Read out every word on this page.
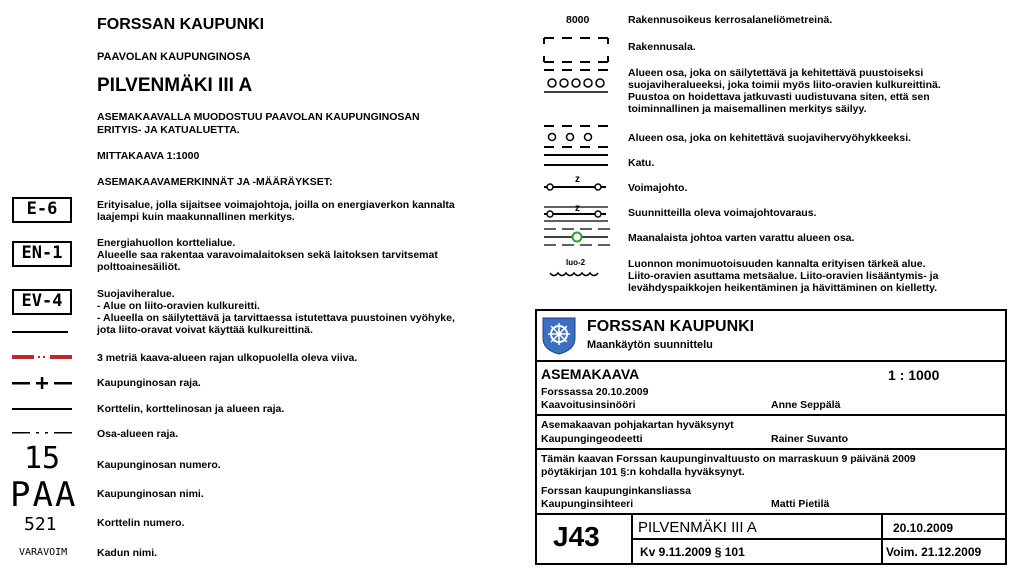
FORSSAN KAUPUNKI
PAAVOLAN KAUPUNGINOSA
PILVENMÄKI III A
ASEMAKAAVALLA MUODOSTUU PAAVOLAN KAUPUNGINOSAN
ERITYIS- JA KATUALUETTA.
MITTAKAAVA 1:1000
ASEMAKAAVAMERKINNÄT JA -MÄÄRÄYKSET:
E-6	Erityisalue, jolla sijaitsee voimajohtoja, joilla on energiaverkon kannalta
laajempi kuin maakunnallinen merkitys.
EN-1	Energiahuollon korttelialue.
Alueelle saa rakentaa varavoimalaitoksen sekä laitoksen tarvitsemat
polttoainesäiliöt.
EV-4	Suojaviheralue.
- Alue on liito-oravien kulkureitti.
- Alueella on säilytettävä ja tarvittaessa istutettava puustoinen vyöhyke,
jota liito-oravat voivat käyttää kulkureittinä.
3 metriä kaava-alueen rajan ulkopuolella oleva viiva.
Kaupunginosan raja.
Korttelin, korttelinosan ja alueen raja.
Osa-alueen raja.
15	Kaupunginosan numero.
PAA Kaupunginosan nimi.
521	Korttelin numero.
VARAVOIM	Kadun nimi.
8000	Rakennusoikeus kerrosalaneliömetreinä.
Rakennusala.
Alueen osa, joka on säilytettävä ja kehitettävä puustoiseksi
suojaviheralueeksi, joka toimii myös liito-oravien kulkureittinä.
Puustoa on hoidettava jatkuvasti uudistuvana siten, että sen
toiminnallinen ja maisemallinen merkitys säilyy.
Alueen osa, joka on kehitettävä suojavihervyöhykkeeksi.
Katu.
z
Voimajohto.
z	Suunnitteilla oleva voimajohtovaraus.
Maanalaista johtoa varten varattu alueen osa.
luo-2	Luonnon monimuotoisuuden kannalta erityisen tärkeä alue.
Liito-oravien asuttama metsäalue. Liito-oravien lisääntymis- ja
levähdyspaikkojen heikentäminen ja hävittäminen on kielletty.
FORSSAN KAUPUNKI
Maankäytön suunnittelu
ASEMAKAAVA	1 : 1000
Forssassa 20.10.2009
Kaavoitusinsinööri	Anne Seppälä
Asemakaavan pohjakartan hyväksynyt
Kaupungingeodeetti	Rainer Suvanto
Tämän kaavan Forssan kaupunginvaltuusto on marraskuun 9 päivänä 2009
pöytäkirjan 101 §:n kohdalla hyväksynyt.
Forssan kaupunginkansliassa
Kaupunginsihteeri	Matti Pietilä
J43	PILVENMÄKI III A	20.10.2009
Kv 9.11.2009 § 101	Voim. 21.12.2009
